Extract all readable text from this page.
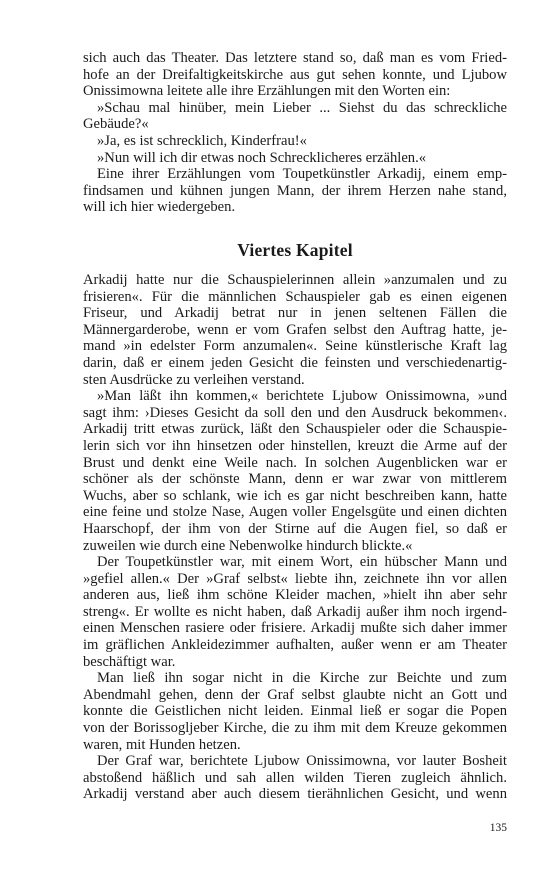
sich auch das Theater. Das letztere stand so, daß man es vom Fried-
hofe an der Dreifaltigkeitskirche aus gut sehen konnte, und Ljubow
Onissimowna leitete alle ihre Erzählungen mit den Worten ein:
»Schau mal hinüber, mein Lieber ... Siehst du das schreckliche
Gebäude?«
»Ja, es ist schrecklich, Kinderfrau!«
»Nun will ich dir etwas noch Schrecklicheres erzählen.«
Eine ihrer Erzählungen vom Toupetkünstler Arkadij, einem emp-
findsamen und kühnen jungen Mann, der ihrem Herzen nahe stand,
will ich hier wiedergeben.
Viertes Kapitel
Arkadij hatte nur die Schauspielerinnen allein »anzumalen und zu
frisieren«. Für die männlichen Schauspieler gab es einen eigenen
Friseur, und Arkadij betrat nur in jenen seltenen Fällen die
Männergarderobe, wenn er vom Grafen selbst den Auftrag hatte, je-
mand »in edelster Form anzumalen«. Seine künstlerische Kraft lag
darin, daß er einem jeden Gesicht die feinsten und verschiedenartig-
sten Ausdrücke zu verleihen verstand.
»Man läßt ihn kommen,« berichtete Ljubow Onissimowna, »und
sagt ihm: ›Dieses Gesicht da soll den und den Ausdruck bekommen‹.
Arkadij tritt etwas zurück, läßt den Schauspieler oder die Schauspie-
lerin sich vor ihn hinsetzen oder hinstellen, kreuzt die Arme auf der
Brust und denkt eine Weile nach. In solchen Augenblicken war er
schöner als der schönste Mann, denn er war zwar von mittlerem
Wuchs, aber so schlank, wie ich es gar nicht beschreiben kann, hatte
eine feine und stolze Nase, Augen voller Engelsgüte und einen dichten
Haarschopf, der ihm von der Stirne auf die Augen fiel, so daß er
zuweilen wie durch eine Nebenwolke hindurch blickte.«
Der Toupetkünstler war, mit einem Wort, ein hübscher Mann und
»gefiel allen.« Der »Graf selbst« liebte ihn, zeichnete ihn vor allen
anderen aus, ließ ihm schöne Kleider machen, »hielt ihn aber sehr
streng«. Er wollte es nicht haben, daß Arkadij außer ihm noch irgend-
einen Menschen rasiere oder frisiere. Arkadij mußte sich daher immer
im gräflichen Ankleidezimmer aufhalten, außer wenn er am Theater
beschäftigt war.
Man ließ ihn sogar nicht in die Kirche zur Beichte und zum
Abendmahl gehen, denn der Graf selbst glaubte nicht an Gott und
konnte die Geistlichen nicht leiden. Einmal ließ er sogar die Popen
von der Borissoglјeber Kirche, die zu ihm mit dem Kreuze gekommen
waren, mit Hunden hetzen.
Der Graf war, berichtete Ljubow Onissimowna, vor lauter Bosheit
abstoßend häßlich und sah allen wilden Tieren zugleich ähnlich.
Arkadij verstand aber auch diesem tierähnlichen Gesicht, und wenn
135
